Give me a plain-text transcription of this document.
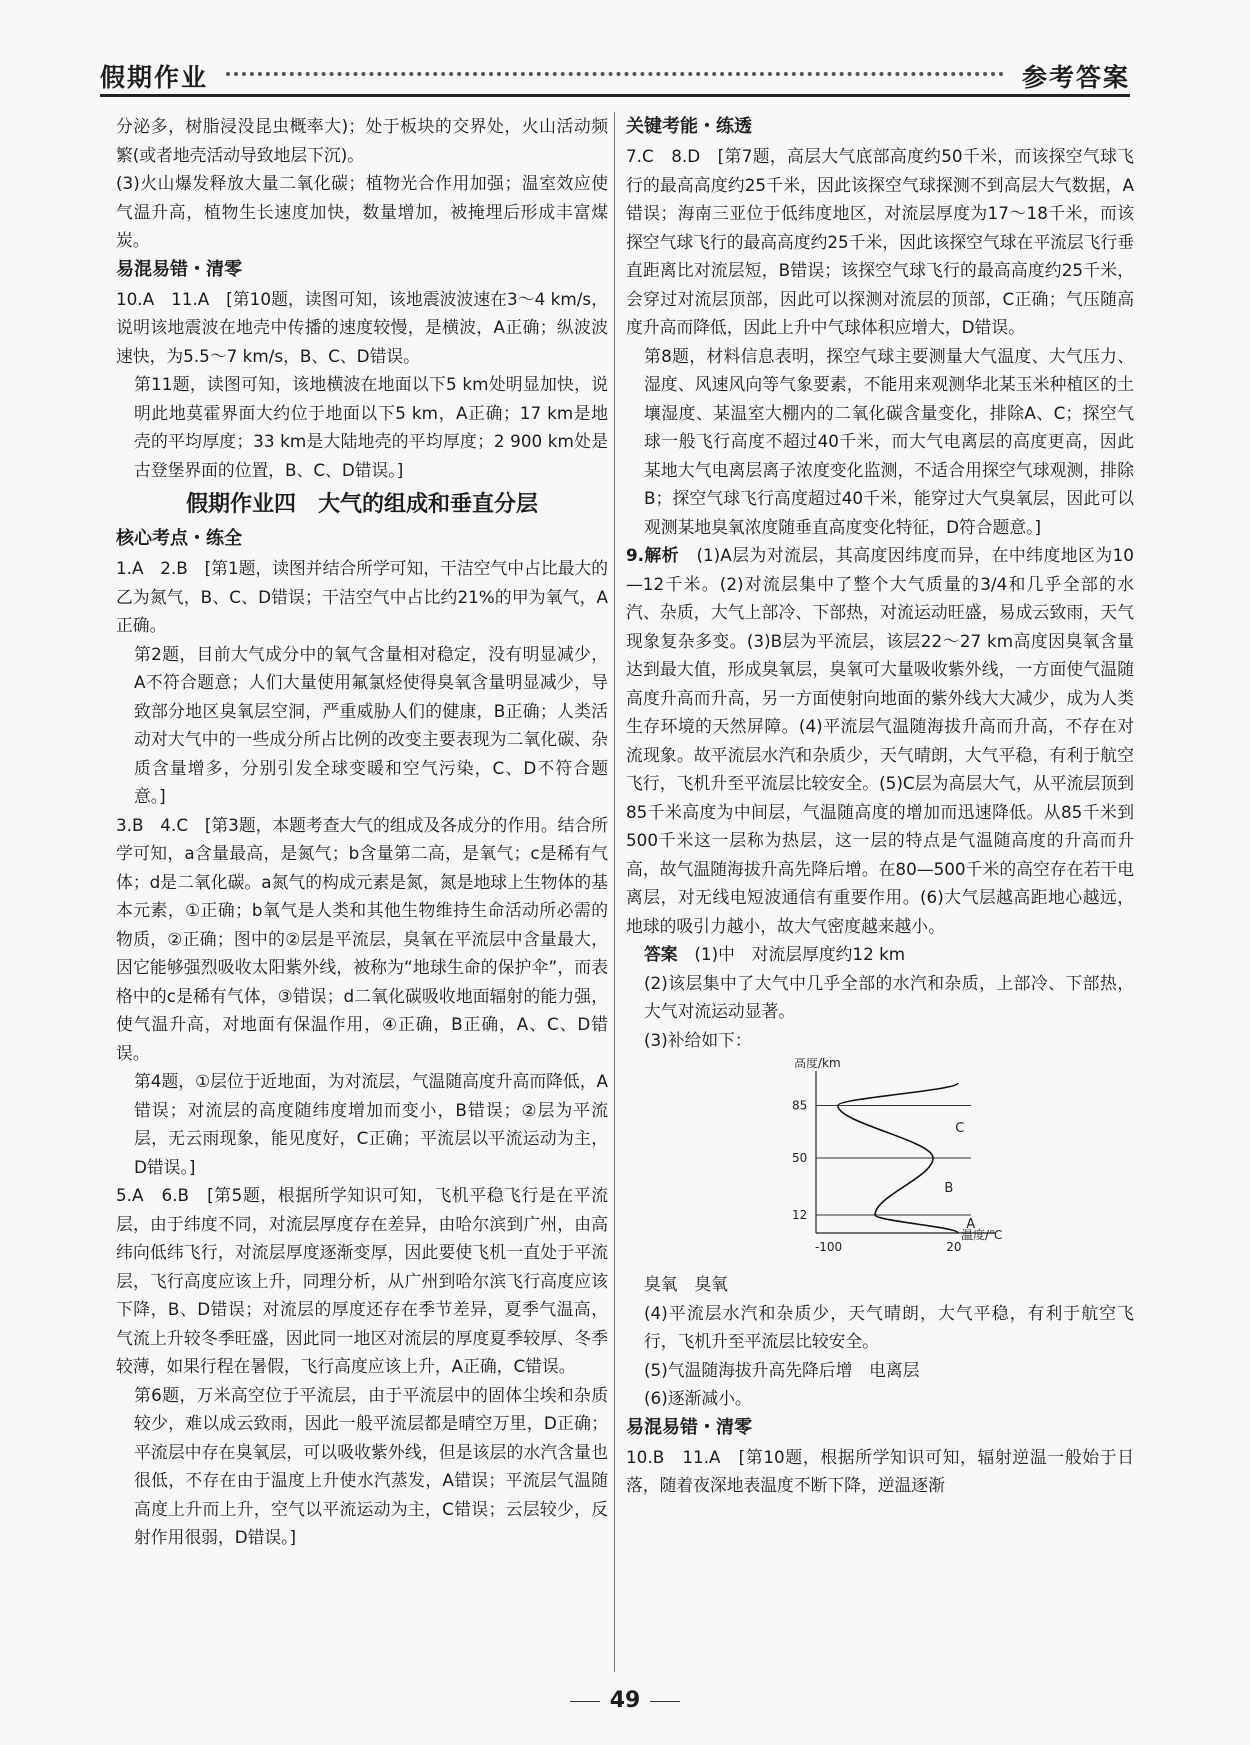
假期作业	参考答案

分泌多，树脂浸没昆虫概率大)；处于板块的交界处，火山活动频繁(或者地壳活动导致地层下沉)。

(3)火山爆发释放大量二氧化碳；植物光合作用加强；温室效应使气温升高，植物生长速度加快，数量增加，被掩埋后形成丰富煤炭。

易混易错・清零

10.A　11.A　[第10题，读图可知，该地震波波速在3～4 km/s，说明该地震波在地壳中传播的速度较慢，是横波，A正确；纵波波速快，为5.5～7 km/s，B、C、D错误。

第11题，读图可知，该地横波在地面以下5 km处明显加快，说明此地莫霍界面大约位于地面以下5 km，A正确；17 km是地壳的平均厚度；33 km是大陆地壳的平均厚度；2 900 km处是古登堡界面的位置，B、C、D错误。]

假期作业四　大气的组成和垂直分层

核心考点・练全

1.A　2.B　[第1题，读图并结合所学可知，干洁空气中占比最大的乙为氮气，B、C、D错误；干洁空气中占比约21%的甲为氧气，A正确。

第2题，目前大气成分中的氧气含量相对稳定，没有明显减少，A不符合题意；人们大量使用氟氯烃使得臭氧含量明显减少，导致部分地区臭氧层空洞，严重威胁人们的健康，B正确；人类活动对大气中的一些成分所占比例的改变主要表现为二氧化碳、杂质含量增多，分别引发全球变暖和空气污染，C、D不符合题意。]

3.B　4.C　[第3题，本题考查大气的组成及各成分的作用。结合所学可知，a含量最高，是氮气；b含量第二高，是氧气；c是稀有气体；d是二氧化碳。a氮气的构成元素是氮，氮是地球上生物体的基本元素，①正确；b氧气是人类和其他生物维持生命活动所必需的物质，②正确；图中的②层是平流层，臭氧在平流层中含量最大，因它能够强烈吸收太阳紫外线，被称为“地球生命的保护伞”，而表格中的c是稀有气体，③错误；d二氧化碳吸收地面辐射的能力强，使气温升高，对地面有保温作用，④正确，B正确，A、C、D错误。

第4题，①层位于近地面，为对流层，气温随高度升高而降低，A错误；对流层的高度随纬度增加而变小，B错误；②层为平流层，无云雨现象，能见度好，C正确；平流层以平流运动为主，D错误。]

5.A　6.B　[第5题，根据所学知识可知，飞机平稳飞行是在平流层，由于纬度不同，对流层厚度存在差异，由哈尔滨到广州，由高纬向低纬飞行，对流层厚度逐渐变厚，因此要使飞机一直处于平流层，飞行高度应该上升，同理分析，从广州到哈尔滨飞行高度应该下降，B、D错误；对流层的厚度还存在季节差异，夏季气温高，气流上升较冬季旺盛，因此同一地区对流层的厚度夏季较厚、冬季较薄，如果行程在暑假，飞行高度应该上升，A正确，C错误。

第6题，万米高空位于平流层，由于平流层中的固体尘埃和杂质较少，难以成云致雨，因此一般平流层都是晴空万里，D正确；平流层中存在臭氧层，可以吸收紫外线，但是该层的水汽含量也很低，不存在由于温度上升使水汽蒸发，A错误；平流层气温随高度上升而上升，空气以平流运动为主，C错误；云层较少，反射作用很弱，D错误。]

关键考能・练透

7.C　8.D　[第7题，高层大气底部高度约50千米，而该探空气球飞行的最高高度约25千米，因此该探空气球探测不到高层大气数据，A错误；海南三亚位于低纬度地区，对流层厚度为17～18千米，而该探空气球飞行的最高高度约25千米，因此该探空气球在平流层飞行垂直距离比对流层短，B错误；该探空气球飞行的最高高度约25千米，会穿过对流层顶部，因此可以探测对流层的顶部，C正确；气压随高度升高而降低，因此上升中气球体积应增大，D错误。

第8题，材料信息表明，探空气球主要测量大气温度、大气压力、湿度、风速风向等气象要素，不能用来观测华北某玉米种植区的土壤湿度、某温室大棚内的二氧化碳含量变化，排除A、C；探空气球一般飞行高度不超过40千米，而大气电离层的高度更高，因此某地大气电离层离子浓度变化监测，不适合用探空气球观测，排除B；探空气球飞行高度超过40千米，能穿过大气臭氧层，因此可以观测某地臭氧浓度随垂直高度变化特征，D符合题意。]

9.解析　 (1)A层为对流层，其高度因纬度而异，在中纬度地区为10—12千米。(2)对流层集中了整个大气质量的3/4和几乎全部的水汽、杂质，大气上部冷、下部热，对流运动旺盛，易成云致雨，天气现象复杂多变。(3)B层为平流层，该层22～27 km高度因臭氧含量达到最大值，形成臭氧层，臭氧可大量吸收紫外线，一方面使气温随高度升高而升高，另一方面使射向地面的紫外线大大减少，成为人类生存环境的天然屏障。(4)平流层气温随海拔升高而升高，不存在对流现象。故平流层水汽和杂质少，天气晴朗，大气平稳，有利于航空飞行，飞机升至平流层比较安全。(5)C层为高层大气，从平流层顶到85千米高度为中间层，气温随高度的增加而迅速降低。从85千米到500千米这一层称为热层，这一层的特点是气温随高度的升高而升高，故气温随海拔升高先降后增。在80—500千米的高空存在若干电离层，对无线电短波通信有重要作用。(6)大气层越高距地心越远，地球的吸引力越小，故大气密度越来越小。

答案　 (1)中　对流层厚度约12 km

(2)该层集中了大气中几乎全部的水汽和杂质，上部冷、下部热，大气对流运动显著。

(3)补给如下：

高度/km
温度/℃
85
50
12
-100	20
A
B
C

臭氧　臭氧

(4)平流层水汽和杂质少，天气晴朗，大气平稳，有利于航空飞行，飞机升至平流层比较安全。

(5)气温随海拔升高先降后增　电离层

(6)逐渐减小。

易混易错・清零

10.B　11.A　[第10题，根据所学知识可知，辐射逆温一般始于日落，随着夜深地表温度不断下降，逆温逐渐

49
